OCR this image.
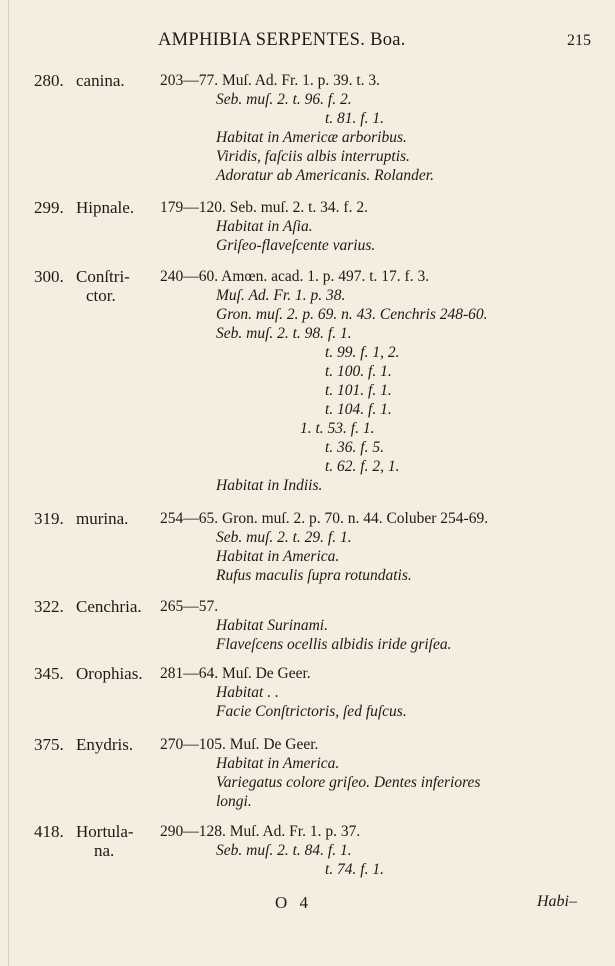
AMPHIBIA SERPENTES. Boa.	215
280. canina. 203—77. Muſ. Ad. Fr. 1. p. 39. t. 3.
Seb. muſ. 2. t. 96. f. 2.
t. 81. f. 1.
Habitat in Americæ arboribus.
Viridis, faſciis albis interruptis.
Adoratur ab Americanis. Rolander.
299. Hipnale. 179—120. Seb. muſ. 2. t. 34. f. 2.
Habitat in Aſia.
Griſeo-flaveſcente varius.
300. Conſtri-
ctor.
240—60. Amœn. acad. 1. p. 497. t. 17. f. 3.
Muſ. Ad. Fr. 1. p. 38.
Gron. muſ. 2. p. 69. n. 43. Cenchris 248-60.
Seb. muſ. 2. t. 98. f. 1.
t. 99. f. 1, 2.
t. 100. f. 1.
t. 101. f. 1.
t. 104. f. 1.
1. t. 53. f. 1.
t. 36. f. 5.
t. 62. f. 2, 1.
Habitat in Indiis.
319. murina. 254—65. Gron. muſ. 2. p. 70. n. 44. Coluber 254-69.
Seb. muſ. 2. t. 29. f. 1.
Habitat in America.
Rufus maculis ſupra rotundatis.
322. Cenchria. 265—57.
Habitat Surinami.
Flaveſcens ocellis albidis iride griſea.
345. Orophias. 281—64. Muſ. De Geer.
Habitat . .
Facie Conſtrictoris, ſed fuſcus.
375. Enydris. 270—105. Muſ. De Geer.
Habitat in America.
Variegatus colore griſeo. Dentes inferiores
longi.
418. Hortula-
na.
290—128. Muſ. Ad. Fr. 1. p. 37.
Seb. muſ. 2. t. 84. f. 1.
t. 74. f. 1.
O 4	Habi–
